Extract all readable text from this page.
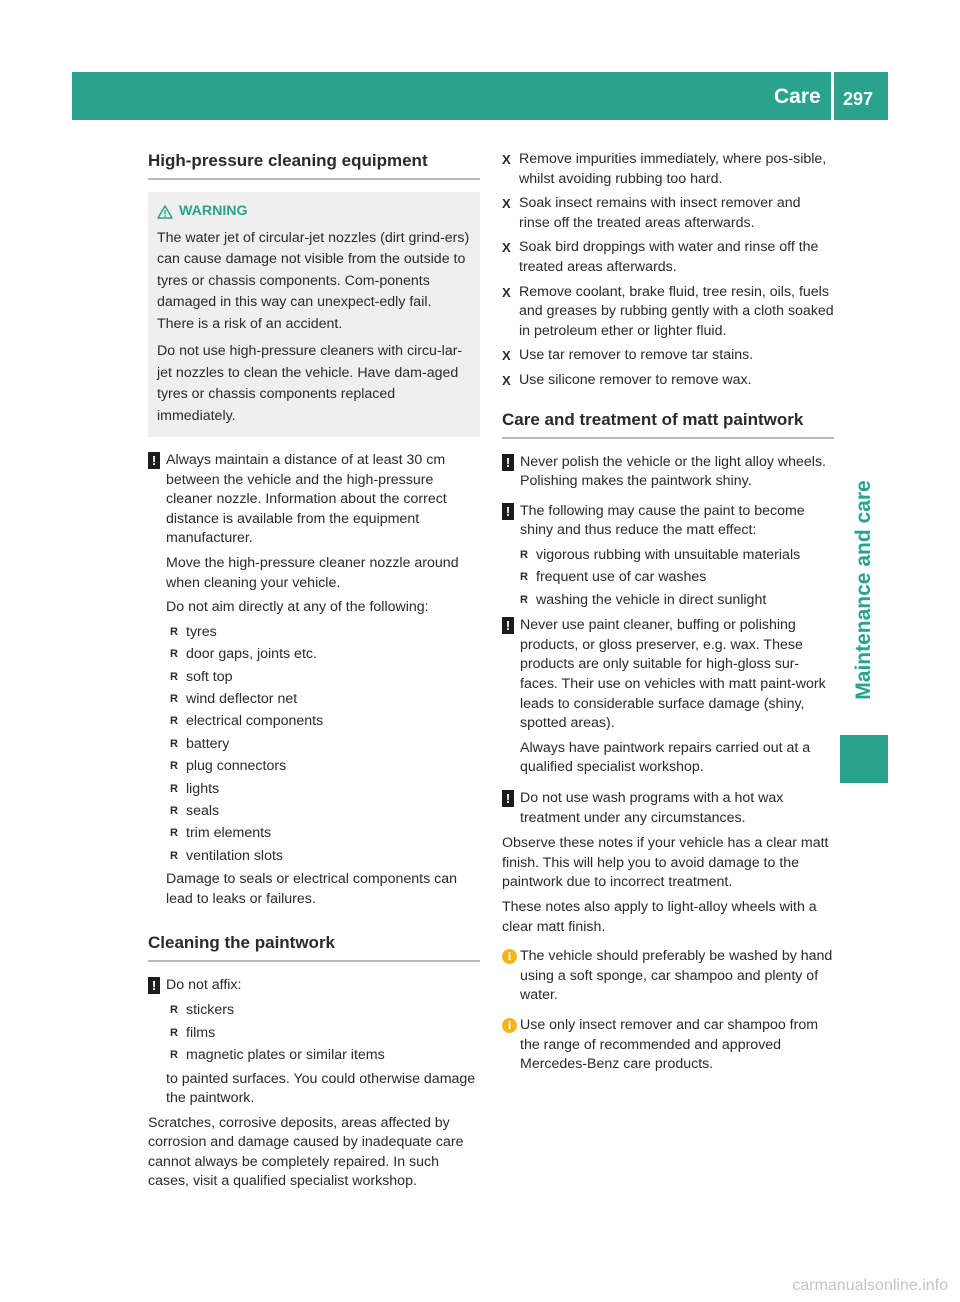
Care 297
Maintenance and care
High-pressure cleaning equipment
WARNING

The water jet of circular-jet nozzles (dirt grind-ers) can cause damage not visible from the outside to tyres or chassis components. Com-ponents damaged in this way can unexpect-edly fail. There is a risk of an accident.

Do not use high-pressure cleaners with circu-lar-jet nozzles to clean the vehicle. Have dam-aged tyres or chassis components replaced immediately.

! Always maintain a distance of at least 30 cm between the vehicle and the high-pressure cleaner nozzle. Information about the correct distance is available from the equipment manufacturer.

Move the high-pressure cleaner nozzle around when cleaning your vehicle.

Do not aim directly at any of the following:

R tyres
R door gaps, joints etc.
R soft top
R wind deflector net
R electrical components
R battery
R plug connectors
R lights
R seals
R trim elements
R ventilation slots

Damage to seals or electrical components can lead to leaks or failures.

Cleaning the paintwork
! Do not affix:
R stickers
R films
R magnetic plates or similar items

to painted surfaces. You could otherwise damage the paintwork.

Scratches, corrosive deposits, areas affected by corrosion and damage caused by inadequate care cannot always be completely repaired. In such cases, visit a qualified specialist workshop.

X Remove impurities immediately, where pos-sible, whilst avoiding rubbing too hard.
X Soak insect remains with insect remover and rinse off the treated areas afterwards.
X Soak bird droppings with water and rinse off the treated areas afterwards.
X Remove coolant, brake fluid, tree resin, oils, fuels and greases by rubbing gently with a cloth soaked in petroleum ether or lighter fluid.
X Use tar remover to remove tar stains.
X Use silicone remover to remove wax.
Care and treatment of matt paintwork
! Never polish the vehicle or the light alloy wheels. Polishing makes the paintwork shiny.
! The following may cause the paint to become shiny and thus reduce the matt effect:
R vigorous rubbing with unsuitable materials
R frequent use of car washes
R washing the vehicle in direct sunlight
! Never use paint cleaner, buffing or polishing products, or gloss preserver, e.g. wax. These products are only suitable for high-gloss sur-faces. Their use on vehicles with matt paint-work leads to considerable surface damage (shiny, spotted areas).

Always have paintwork repairs carried out at a qualified specialist workshop.

! Do not use wash programs with a hot wax treatment under any circumstances.

Observe these notes if your vehicle has a clear matt finish. This will help you to avoid damage to the paintwork due to incorrect treatment.

These notes also apply to light-alloy wheels with a clear matt finish.

i The vehicle should preferably be washed by hand using a soft sponge, car shampoo and plenty of water.
i Use only insect remover and car shampoo from the range of recommended and approved Mercedes-Benz care products.
carmanualsonline.info
